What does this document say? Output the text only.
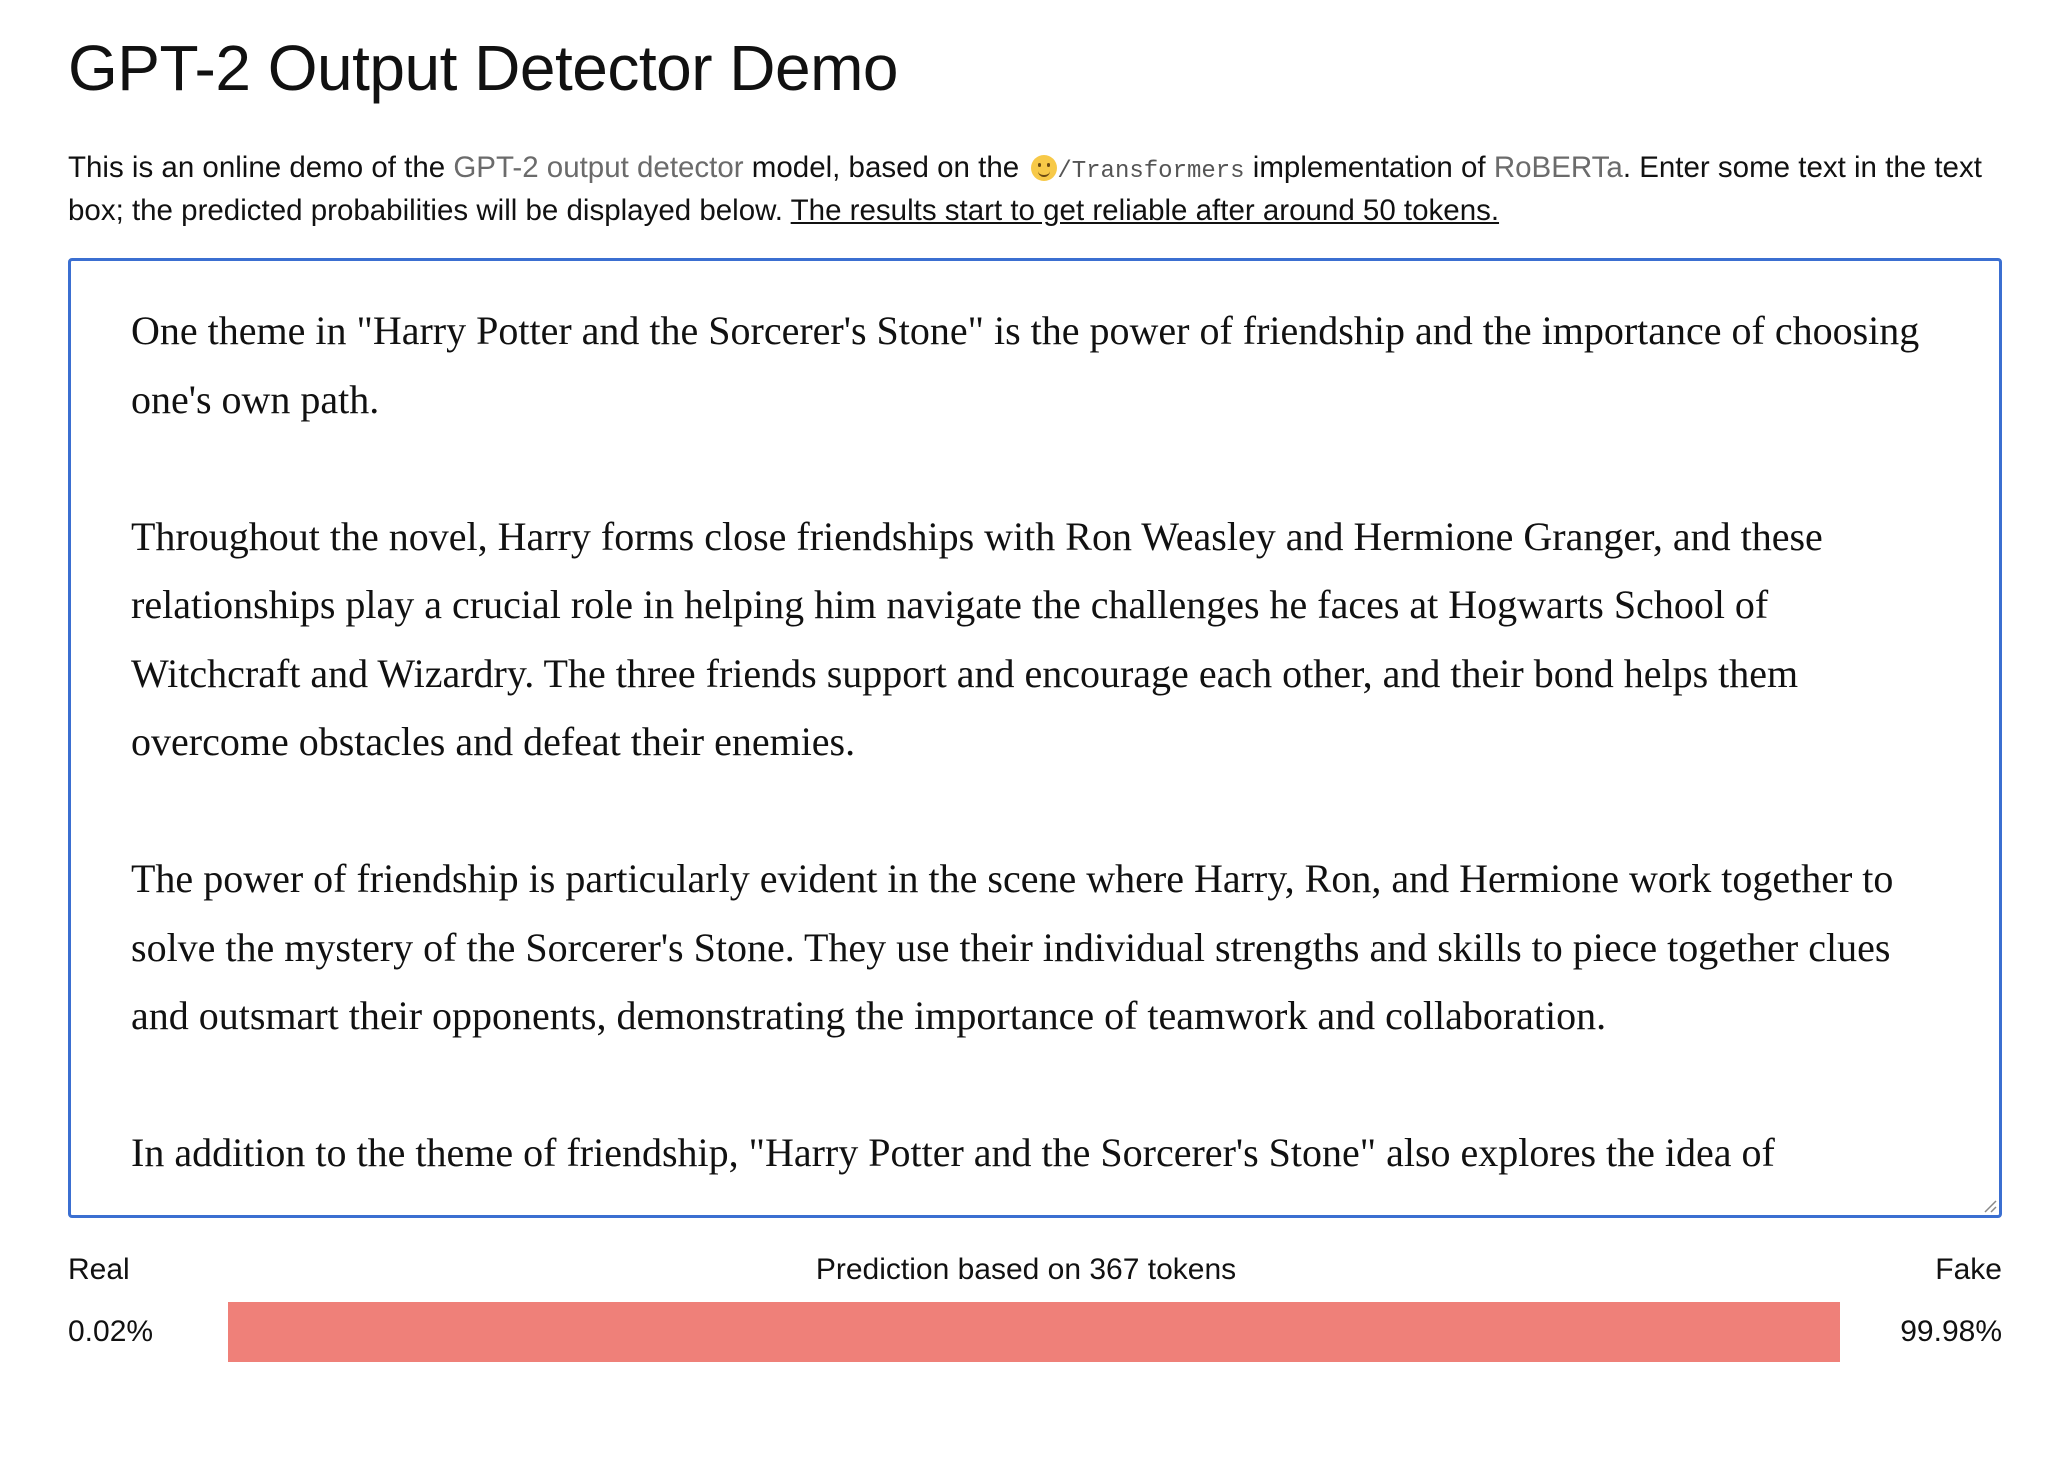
GPT-2 Output Detector Demo

This is an online demo of the GPT-2 output detector model, based on the /Transformers implementation of RoBERTa. Enter some text in the text box; the predicted probabilities will be displayed below. The results start to get reliable after around 50 tokens.

One theme in "Harry Potter and the Sorcerer's Stone" is the power of friendship and the importance of choosing one's own path.

Throughout the novel, Harry forms close friendships with Ron Weasley and Hermione Granger, and these relationships play a crucial role in helping him navigate the challenges he faces at Hogwarts School of Witchcraft and Wizardry. The three friends support and encourage each other, and their bond helps them overcome obstacles and defeat their enemies.

The power of friendship is particularly evident in the scene where Harry, Ron, and Hermione work together to solve the mystery of the Sorcerer's Stone. They use their individual strengths and skills to piece together clues and outsmart their opponents, demonstrating the importance of teamwork and collaboration.

In addition to the theme of friendship, "Harry Potter and the Sorcerer's Stone" also explores the idea of

Real	Prediction based on 367 tokens	Fake
0.02%	99.98%
